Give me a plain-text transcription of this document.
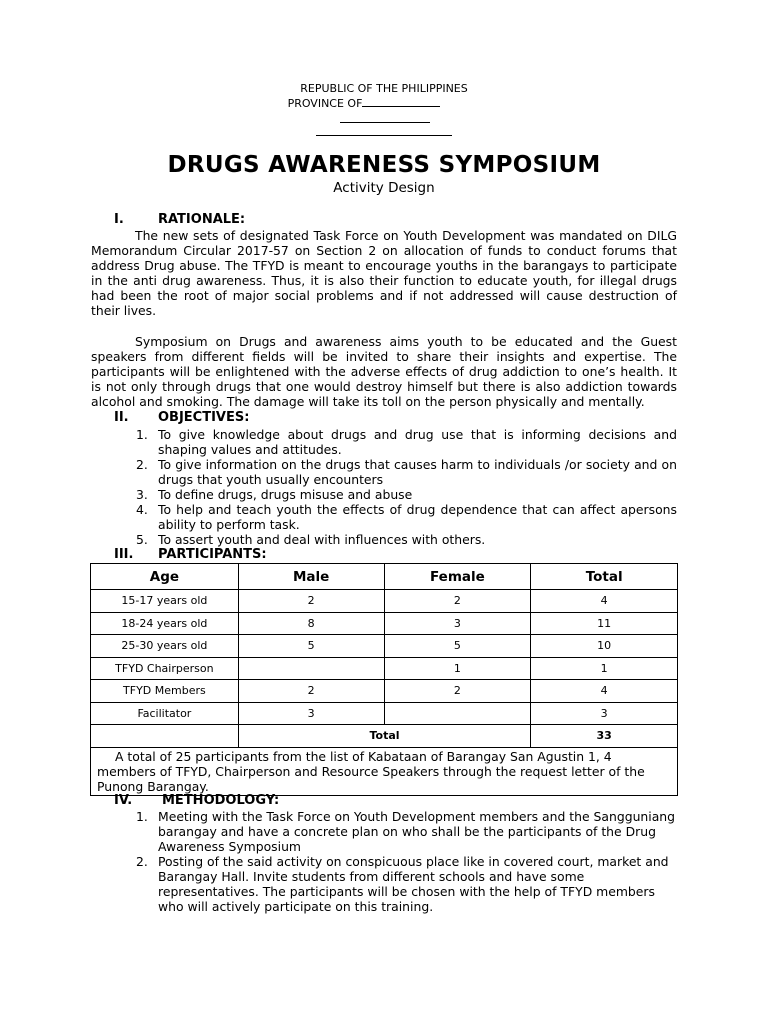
REPUBLIC OF THE PHILIPPINES
PROVINCE OF
DRUGS AWARENESS SYMPOSIUM
Activity Design
I.	RATIONALE:
The new sets of designated Task Force on Youth Development was mandated on DILG Memorandum Circular 2017-57 on Section 2 on allocation of funds to conduct forums that address Drug abuse. The TFYD is meant to encourage youths in the barangays to participate in the anti drug awareness. Thus, it is also their function to educate youth, for illegal drugs had been the root of major social problems and if not addressed will cause destruction of their lives.
Symposium on Drugs and awareness aims youth to be educated and the Guest speakers from different fields will be invited to share their insights and expertise. The participants will be enlightened with the adverse effects of drug addiction to one’s health. It is not only through drugs that one would destroy himself but there is also addiction towards alcohol and smoking. The damage will take its toll on the person physically and mentally.
II. OBJECTIVES:
1. To give knowledge about drugs and drug use that is informing decisions and shaping values and attitudes.
2. To give information on the drugs that causes harm to individuals /or society and on drugs that youth usually encounters
3. To define drugs, drugs misuse and abuse
4. To help and teach youth the effects of drug dependence that can affect apersons ability to perform task.
5. To assert youth and deal with influences with others.
III. PARTICIPANTS:
Age	Male	Female	Total
15-17 years old	2	2	4
18-24 years old	8	3	11
25-30 years old	5	5	10
TFYD Chairperson		1	1
TFYD Members	2	2	4
Facilitator	3		3
	Total		33
A total of 25 participants from the list of Kabataan of Barangay San Agustin 1, 4 members of TFYD, Chairperson and Resource Speakers through the request letter of the Punong Barangay.			
IV. METHODOLOGY:
1. Meeting with the Task Force on Youth Development members and the Sangguniang barangay and have a concrete plan on who shall be the participants of the Drug Awareness Symposium
2. Posting of the said activity on conspicuous place like in covered court, market and Barangay Hall. Invite students from different schools and have some representatives. The participants will be chosen with the help of TFYD members who will actively participate on this training.
